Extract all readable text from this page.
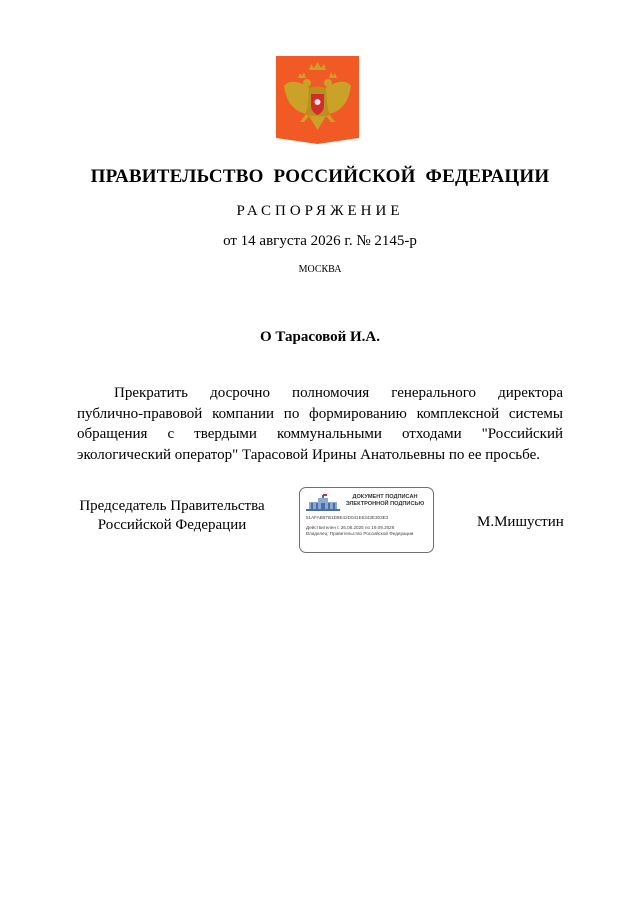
ПРАВИТЕЛЬСТВО РОССИЙСКОЙ ФЕДЕРАЦИИ
РАСПОРЯЖЕНИЕ
от 14 августа 2026 г. № 2145-р
МОСКВА
О Тарасовой И.А.
Прекратить досрочно полномочия генерального директора
публично-правовой компании по формированию комплексной системы
обращения с твердыми коммунальными отходами "Российский
экологический оператор" Тарасовой Ирины Анатольевны по ее просьбе.
Председатель Правительства
Российской Федерации
ДОКУМЕНТ ПОДПИСАН
ЭЛЕКТРОННОЙ ПОДПИСЬЮ
51AFAB87B1D9E42D041E5343E303E3
Действителен с 26.08.2025 по 19.09.2026
Владелец: Правительство Российской Федерации
М.Мишустин
